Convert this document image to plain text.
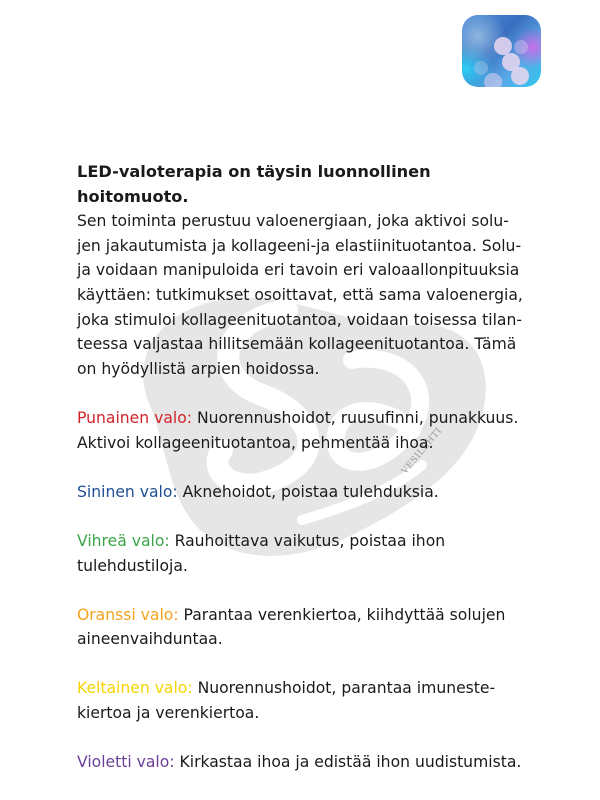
VESILEHTI

LED-valoterapia on täysin luonnollinen hoitomuoto.

Sen toiminta perustuu valoenergiaan, joka aktivoi solu-
jen jakautumista ja kollageeni-ja elastiinituotantoa. Solu-
ja voidaan manipuloida eri tavoin eri valoaallonpituuksia
käyttäen: tutkimukset osoittavat, että sama valoenergia,
joka stimuloi kollageenituotantoa, voidaan toisessa tilan-
teessa valjastaa hillitsemään kollageenituotantoa. Tämä
on hyödyllistä arpien hoidossa.
Punainen valo: Nuorennushoidot, ruusufinni, punakkuus.
Aktivoi kollageenituotantoa, pehmentää ihoa.
Sininen valo: Aknehoidot, poistaa tulehduksia.
Vihreä valo: Rauhoittava vaikutus, poistaa ihon
tulehdustiloja.
Oranssi valo: Parantaa verenkiertoa, kiihdyttää solujen
aineenvaihduntaa.
Keltainen valo: Nuorennushoidot, parantaa imuneste-
kiertoa ja verenkiertoa.
Violetti valo: Kirkastaa ihoa ja edistää ihon uudistumista.
